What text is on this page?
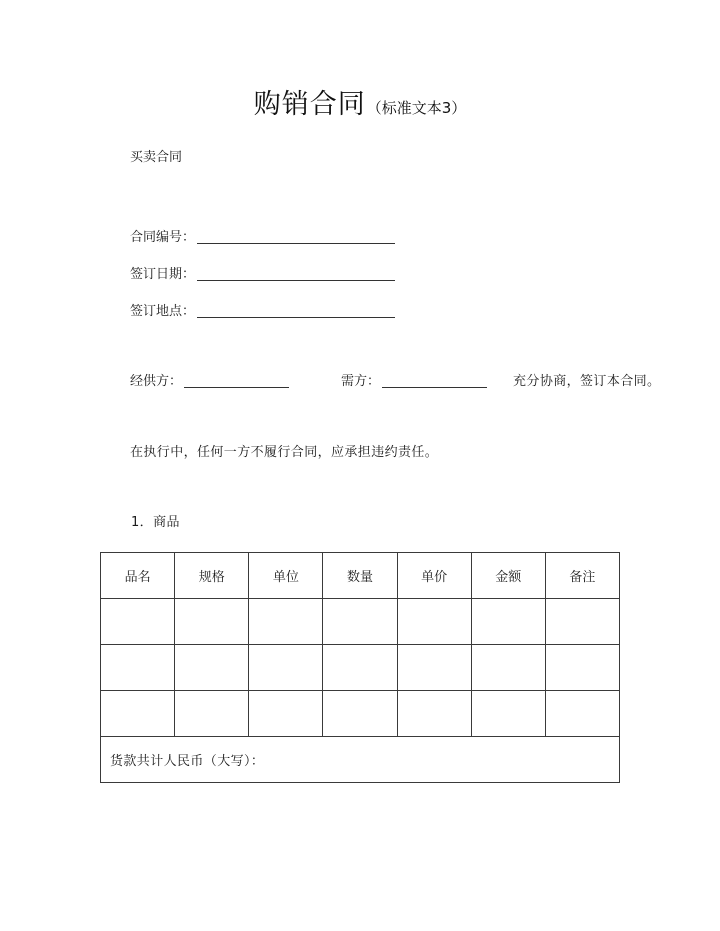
购销合同（标准文本3）
买卖合同
合同编号：
签订日期：
签订地点：
经供方：	需方：	充分协商，签订本合同。
在执行中，任何一方不履行合同，应承担违约责任。
1．商品
品名	规格	单位	数量	单价	金额	备注

货款共计人民币（大写）：						
